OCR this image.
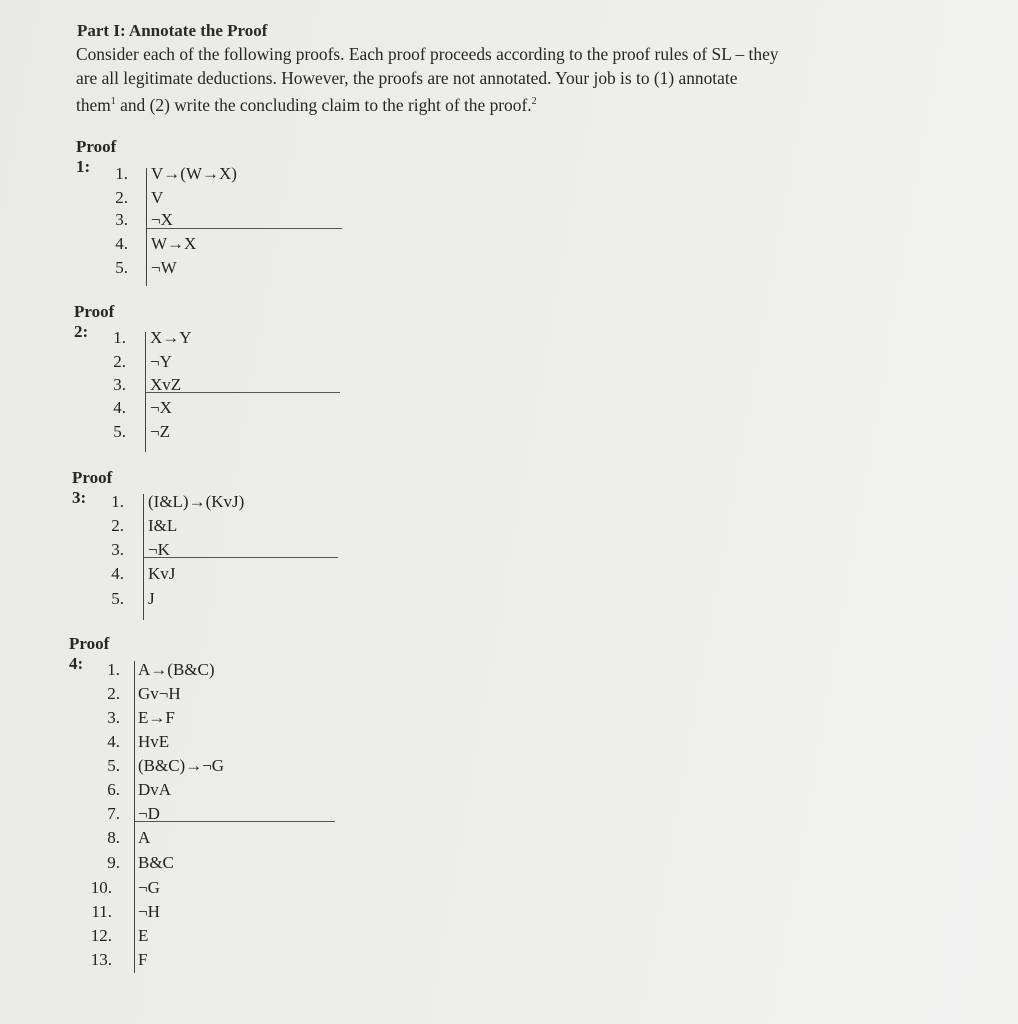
Part I: Annotate the Proof
Consider each of the following proofs. Each proof proceeds according to the proof rules of SL – they
are all legitimate deductions. However, the proofs are not annotated. Your job is to (1) annotate
them$^1$ and (2) write the concluding claim to the right of the proof.$^2$
Proof 1:	1. V→(W→X)
2. V
3. ¬X
4. W→X
5. ¬W
Proof 2:	1. X→Y
2. ¬Y
3. XvZ
4. ¬X
5. ¬Z
Proof 3:	1. (I&L)→(KvJ)
2. I&L
3. ¬K
4. KvJ
5. J
Proof 4:	1. A→(B&C)
2. Gv¬H
3. E→F
4. HvE
5. (B&C)→¬G
6. DvA
7. ¬D
8. A
9. B&C
10. ¬G
11. ¬H
12. E
13. F
